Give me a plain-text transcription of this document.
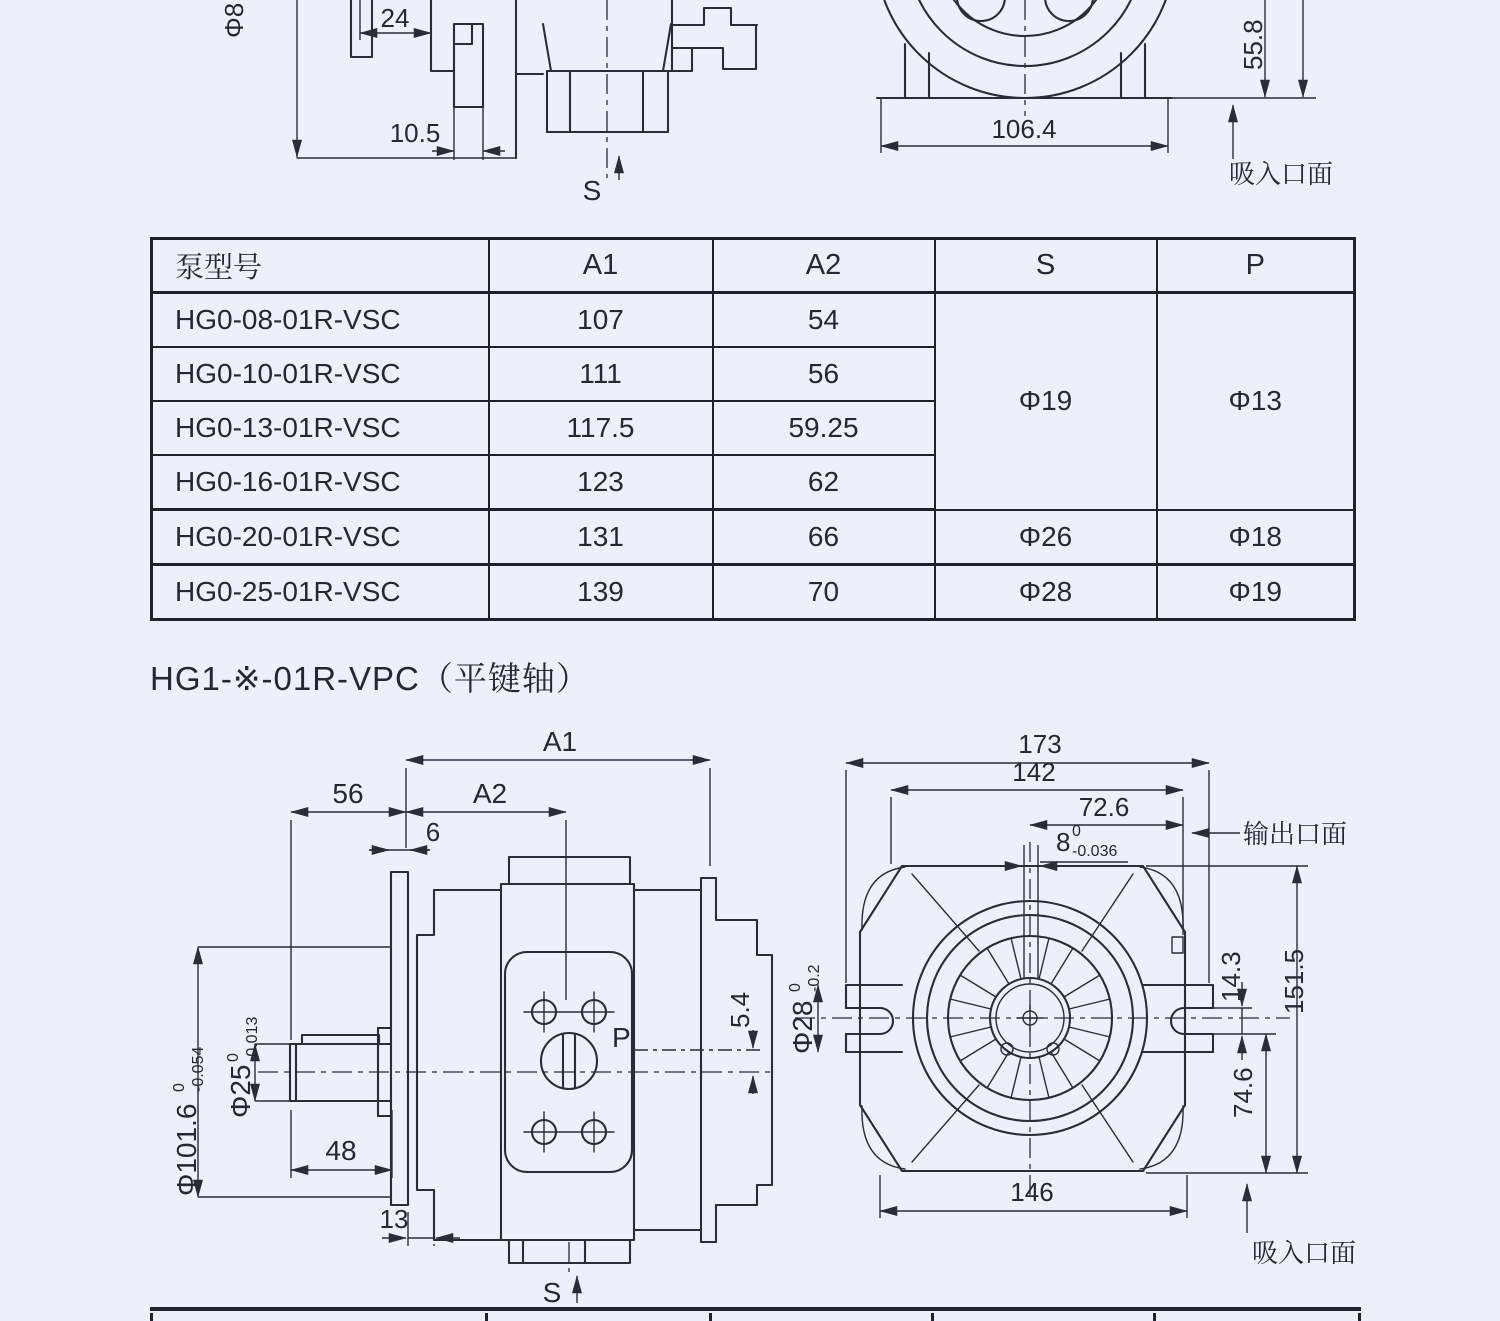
Φ8	24
10.5
S
106.4
55.8
吸入口面
泵型号	A1	A2	S	P
HG0-08-01R-VSC	107	54	Φ19	Φ13
HG0-10-01R-VSC	111	56		
HG0-13-01R-VSC	117.5	59.25		
HG0-16-01R-VSC	123	62		
HG0-20-01R-VSC	131	66	Φ26	Φ18
HG0-25-01R-VSC	139	70	Φ28	Φ19
HG1-※-01R-VPC（平键轴）
A1
A2
56
6
Φ101.6
0 -0.054 Φ25
0 -0.013
48
P
5.4
13
S
173
142
72.6
8 0
-0.036
输出口面
Φ28
0 -0.2	14.3 151.5
74.6
146
吸入口面
